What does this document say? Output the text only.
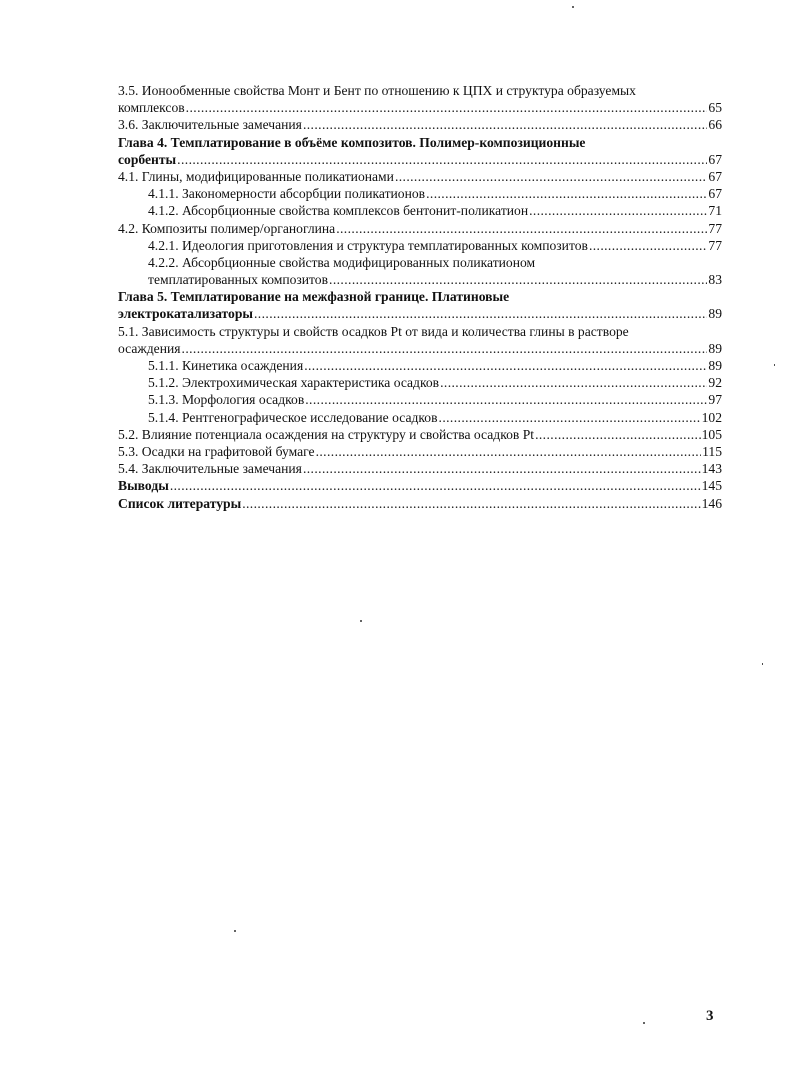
3.5. Ионообменные свойства Монт и Бент по отношению к ЦПХ и структура образуемых
комплексов . . .	65
3.6. Заключительные замечания . . .	66
Глава 4. Темплатирование в объёме композитов. Полимер-композиционные
сорбенты . . .	67
4.1. Глины, модифицированные поликатионами . . .	67
4.1.1. Закономерности абсорбции поликатионов . . .	67
4.1.2. Абсорбционные свойства комплексов бентонит-поликатион . . .	71
4.2. Композиты полимер/органоглина . . .	77
4.2.1. Идеология приготовления и структура темплатированных композитов . . .	77
4.2.2. Абсорбционные свойства модифицированных поликатионом
темплатированных композитов . . .	83
Глава 5. Темплатирование на межфазной границе. Платиновые
электрокатализаторы . . .	89
5.1. Зависимость структуры и свойств осадков Pt от вида и количества глины в растворе
осаждения . . .	89
5.1.1. Кинетика осаждения . . .	89
5.1.2. Электрохимическая характеристика осадков . . .	92
5.1.3. Морфология осадков . . .	97
5.1.4. Рентгенографическое исследование осадков . . .	102
5.2. Влияние потенциала осаждения на структуру и свойства осадков Pt . . .	105
5.3. Осадки на графитовой бумаге . . .	115
5.4. Заключительные замечания . . .	143
Выводы . . .	145
Список литературы . . .	146
3
